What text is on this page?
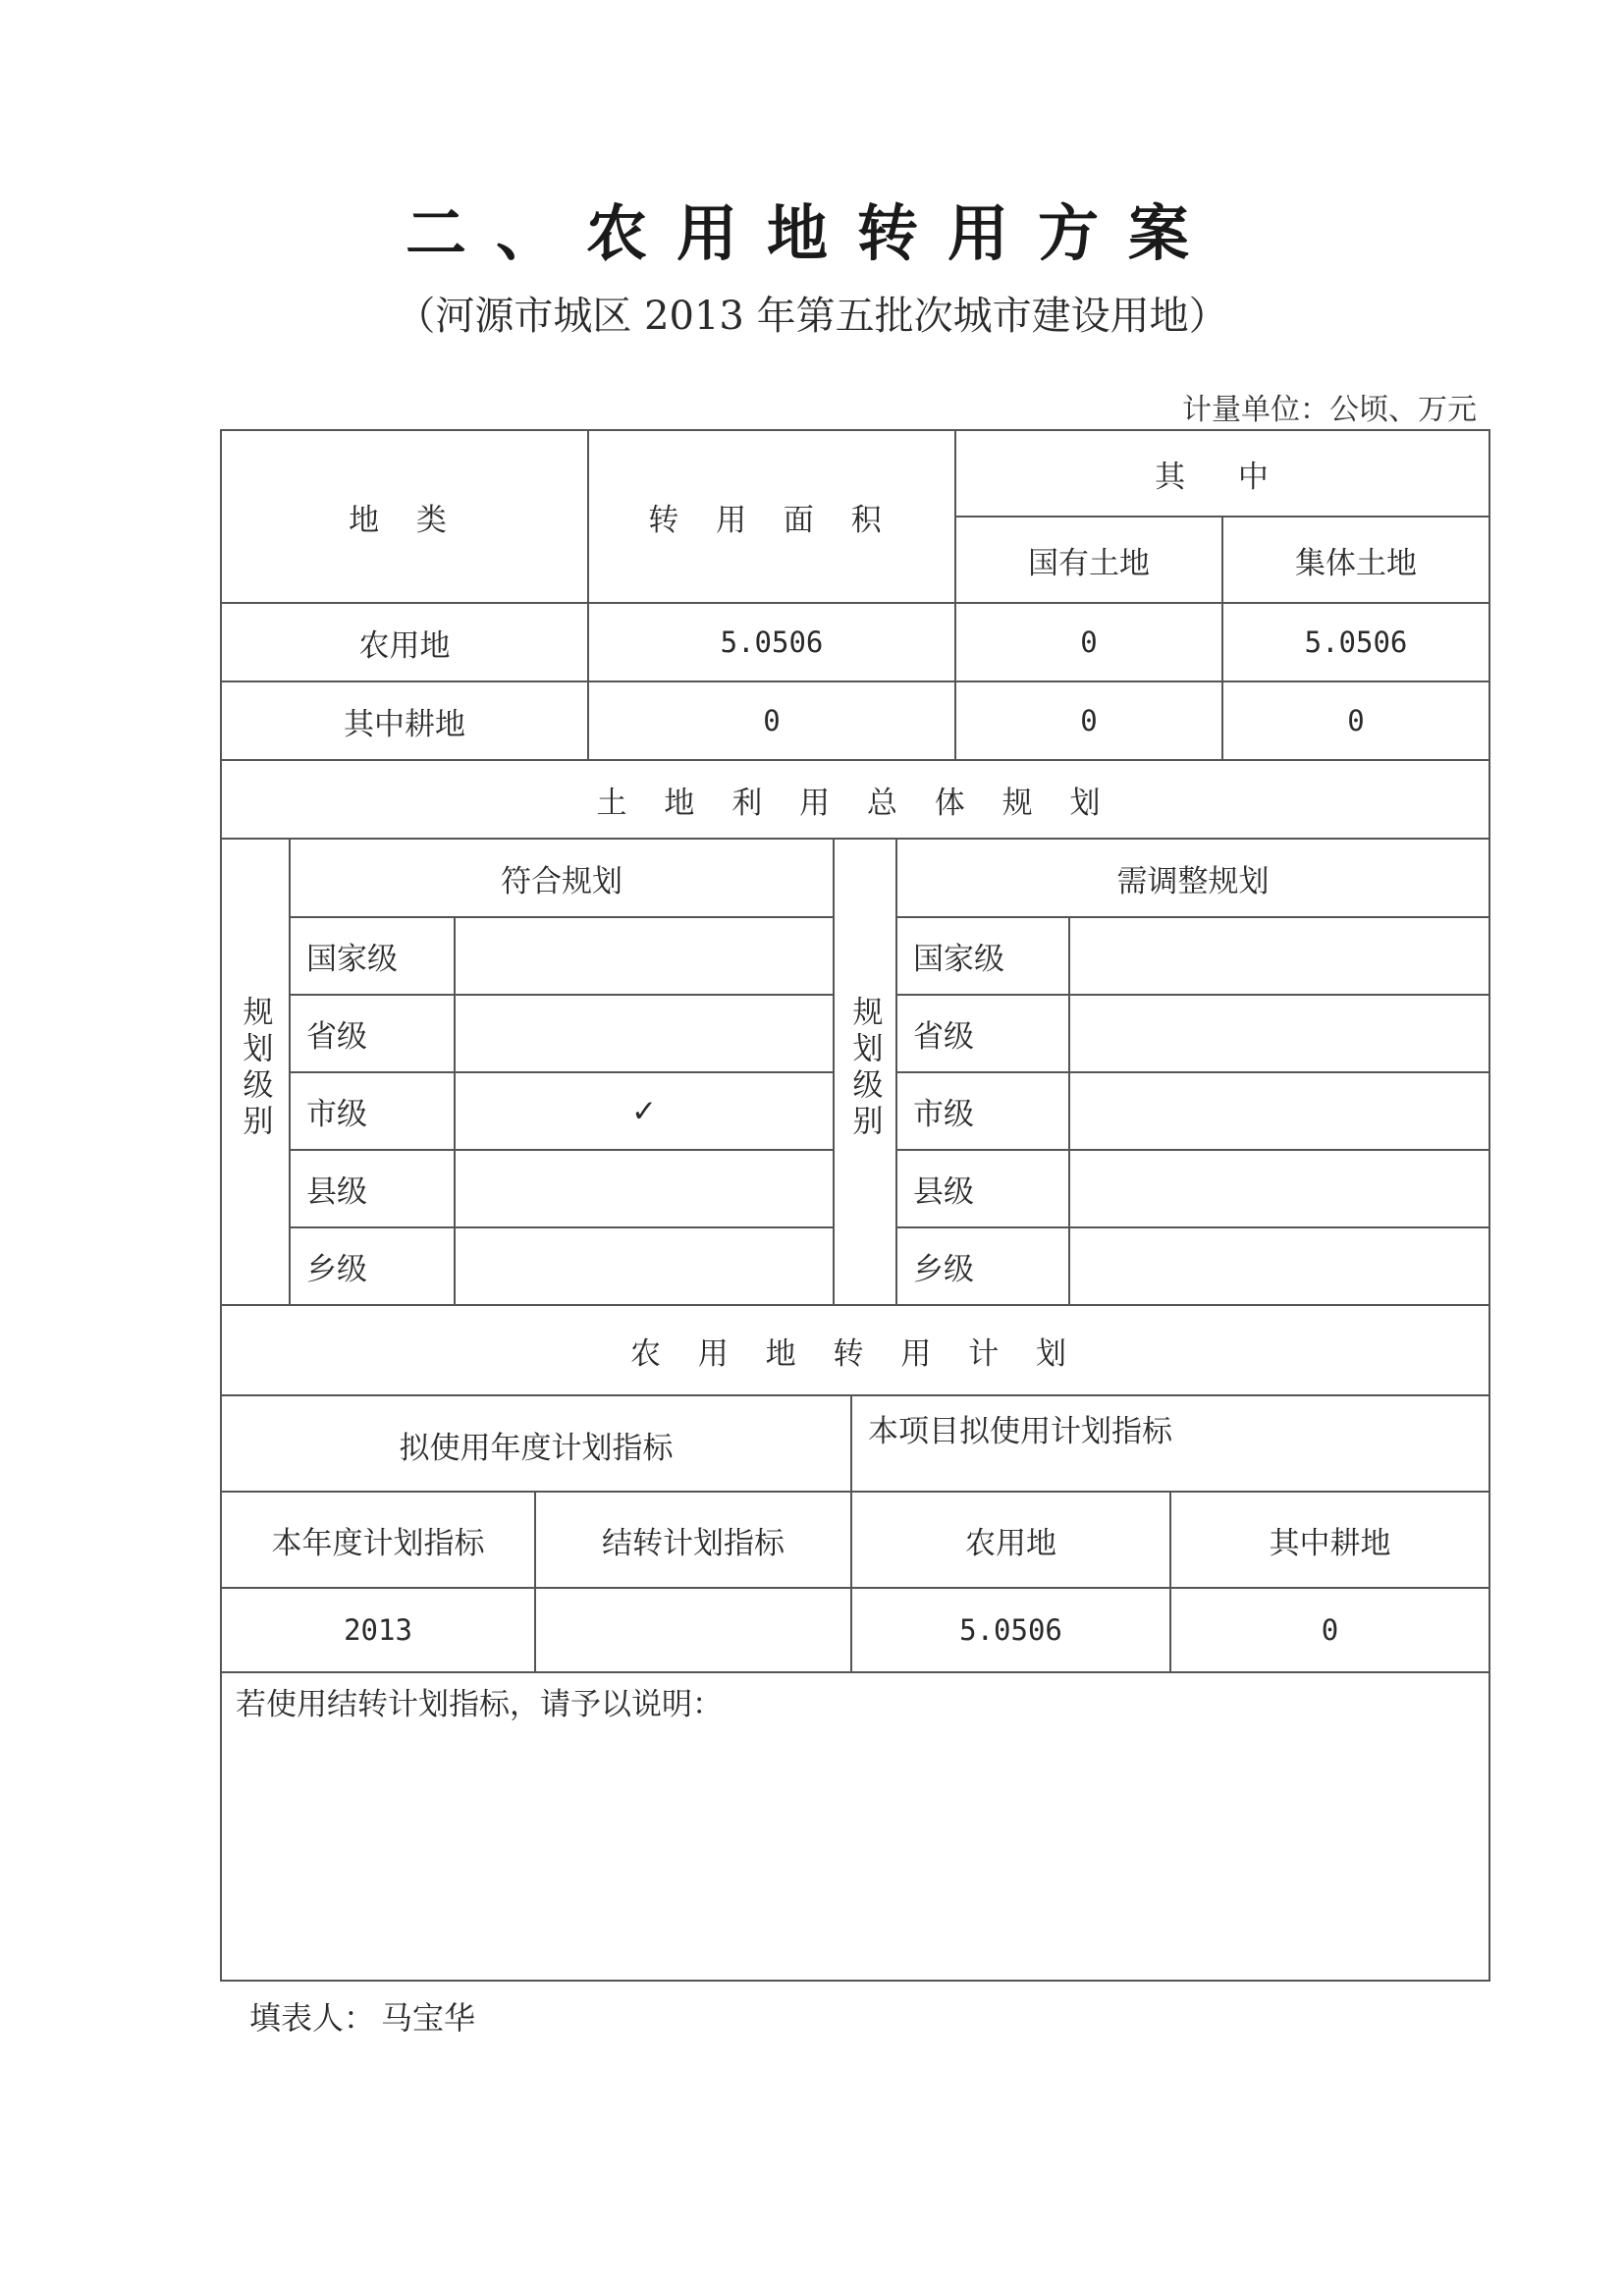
二、农用地转用方案
（河源市城区 2013 年第五批次城市建设用地）
计量单位：公顷、万元
地 类	转 用 面 积	其 中	
		国有土地	集体土地
农用地	5.0506	0	5.0506
其中耕地	0	0	0
土 地 利 用 总 体 规 划			
规划级别	符合规划		规划级别	需调整规划	
	国家级			国家级	
	省级			省级	
	市级	✓		市级	
	县级			县级	
	乡级			乡级	
农 用 地 转 用 计 划			
拟使用年度计划指标		本项目拟使用计划指标	
本年度计划指标	结转计划指标	农用地	其中耕地
2013		5.0506	0
若使用结转计划指标，请予以说明：			
填表人： 马宝华
